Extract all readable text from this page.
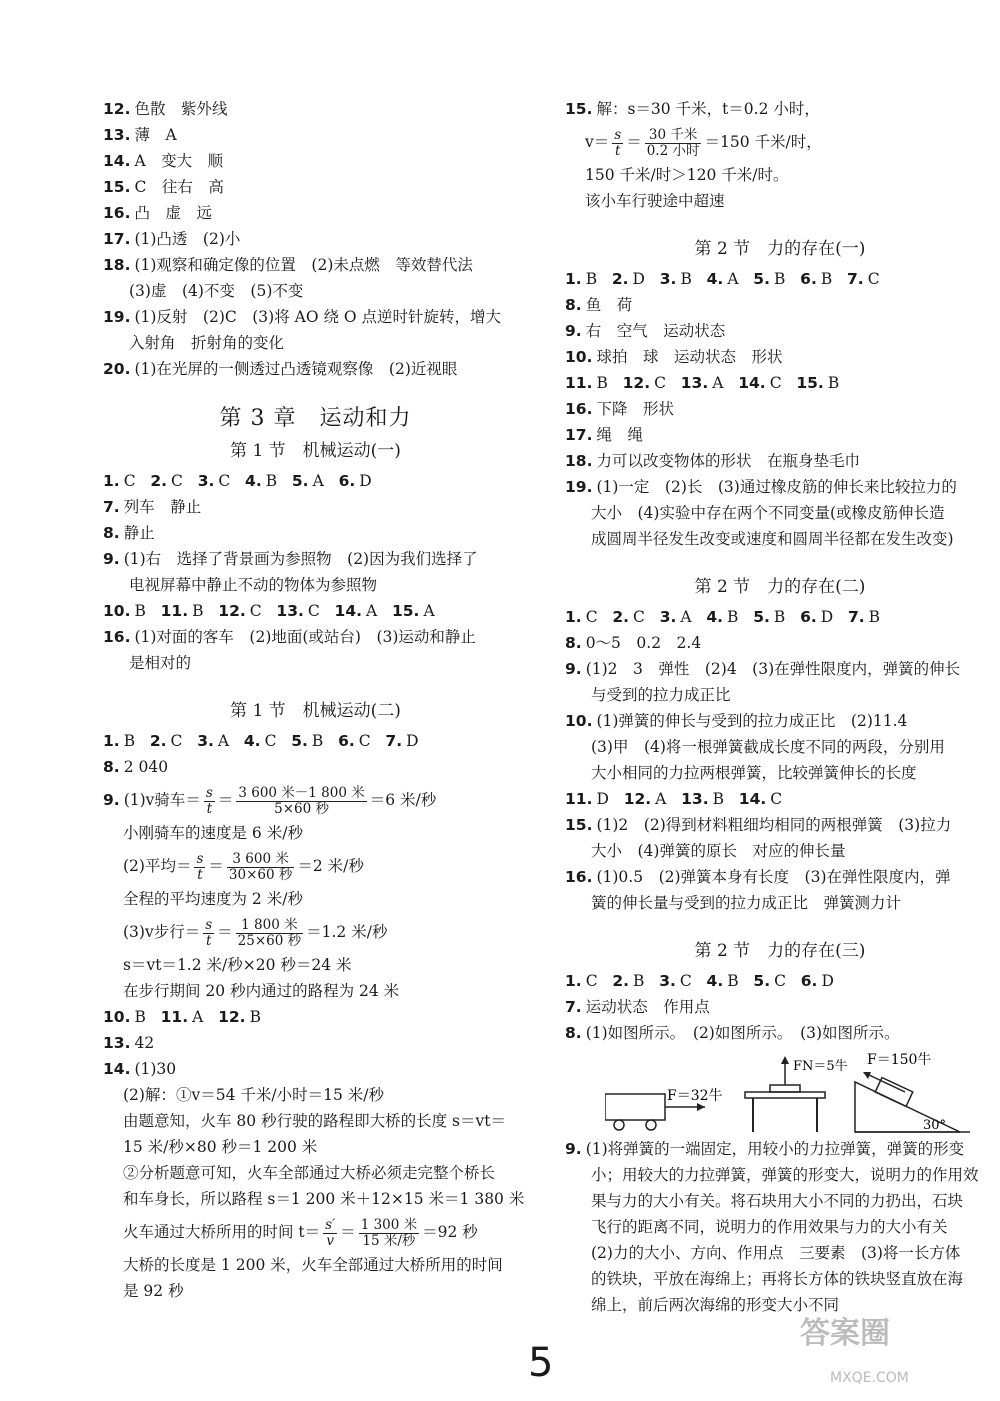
12. 色散　紫外线
13. 薄　A
14. A　变大　顺
15. C　往右　高
16. 凸　虚　远
17. (1)凸透　(2)小
18. (1)观察和确定像的位置　(2)未点燃　等效替代法
(3)虚　(4)不变　(5)不变
19. (1)反射　(2)C　(3)将 AO 绕 O 点逆时针旋转，增大
入射角　折射角的变化
20. (1)在光屏的一侧透过凸透镜观察像　(2)近视眼
第 3 章　运动和力
第 1 节　机械运动(一)
1. C 2. C 3. C 4. B 5. A 6. D
7. 列车　静止
8. 静止
9. (1)右　选择了背景画为参照物　(2)因为我们选择了
电视屏幕中静止不动的物体为参照物
10. B 11. B 12. C 13. C 14. A 15. A
16. (1)对面的客车　(2)地面(或站台)　(3)运动和静止
是相对的
第 1 节　机械运动(二)
1. B 2. C 3. A 4. C 5. B 6. C 7. D
8. 2 040
9. (1)v骑车＝ $\frac{s}{t} = \frac{\text{3 600 米－1 800 米}}{\text{5×60 秒}} =6$ 米/秒
小刚骑车的速度是 6 米/秒
(2)平均＝ $\frac{s}{t} = \frac{\text{3 600 米}}{\text{30×60 秒}} =2$ 米/秒
全程的平均速度为 2 米/秒
(3)v步行＝ $\frac{s}{t} = \frac{\text{1 800 米}}{\text{25×60 秒}} =1.2$ 米/秒
s＝vt＝1.2 米/秒×20 秒＝24 米
在步行期间 20 秒内通过的路程为 24 米
10. B 11. A 12. B
13. 42
14. (1)30
(2)解：①v＝54 千米/小时＝15 米/秒
由题意知，火车 80 秒行驶的路程即大桥的长度 s＝vt＝
15 米/秒×80 秒＝1 200 米
②分析题意可知，火车全部通过大桥必须走完整个桥长
和车身长，所以路程 s＝1 200 米＋12×15 米＝1 380 米
火车通过大桥所用的时间 $t= \frac{s'}{v} = \frac{\text{1 300 米}}{\text{15 米/秒}} =92$ 秒
大桥的长度是 1 200 米，火车全部通过大桥所用的时间
是 92 秒
15. 解：s＝30 千米，t＝0.2 小时，
$v= \frac{s}{t} = \frac{\text{30 千米}}{\text{0.2 小时}} =150$ 千米/时，
150 千米/时＞120 千米/时。
该小车行驶途中超速
第 2 节　力的存在(一)
1. B 2. D 3. B 4. A 5. B 6. B 7. C
8. 鱼　荷
9. 右　空气　运动状态
10. 球拍　球　运动状态　形状
11. B 12. C 13. A 14. C 15. B
16. 下降　形状
17. 绳　绳
18. 力可以改变物体的形状　在瓶身垫毛巾
19. (1)一定　(2)长　(3)通过橡皮筋的伸长来比较拉力的
大小　(4)实验中存在两个不同变量(或橡皮筋伸长造
成圆周半径发生改变或速度和圆周半径都在发生改变)
第 2 节　力的存在(二)
1. C 2. C 3. A 4. B 5. B 6. D 7. B
8. 0～5　0.2　2.4
9. (1)2　3　弹性　(2)4　(3)在弹性限度内，弹簧的伸长
与受到的拉力成正比
10. (1)弹簧的伸长与受到的拉力成正比　(2)11.4
(3)甲　(4)将一根弹簧截成长度不同的两段，分别用
大小相同的力拉两根弹簧，比较弹簧伸长的长度
11. D 12. A 13. B 14. C
15. (1)2　(2)得到材料粗细均相同的两根弹簧　(3)拉力
大小　(4)弹簧的原长　对应的伸长量
16. (1)0.5　(2)弹簧本身有长度　(3)在弹性限度内，弹
簧的伸长量与受到的拉力成正比　弹簧测力计
第 2 节　力的存在(三)
1. C 2. B 3. C 4. B 5. C 6. D
7. 运动状态　作用点
8. (1)如图所示。　(2)如图所示。　(3)如图所示。
F＝32牛
FN＝5牛 F＝150牛
30°
9. (1)将弹簧的一端固定，用较小的力拉弹簧，弹簧的形变
小；用较大的力拉弹簧，弹簧的形变大，说明力的作用效
果与力的大小有关。将石块用大小不同的力扔出，石块
飞行的距离不同，说明力的作用效果与力的大小有关
(2)力的大小、方向、作用点　三要素　(3)将一长方体
的铁块，平放在海绵上；再将长方体的铁块竖直放在海
绵上，前后两次海绵的形变大小不同
5
答案圈
MXQE.COM
